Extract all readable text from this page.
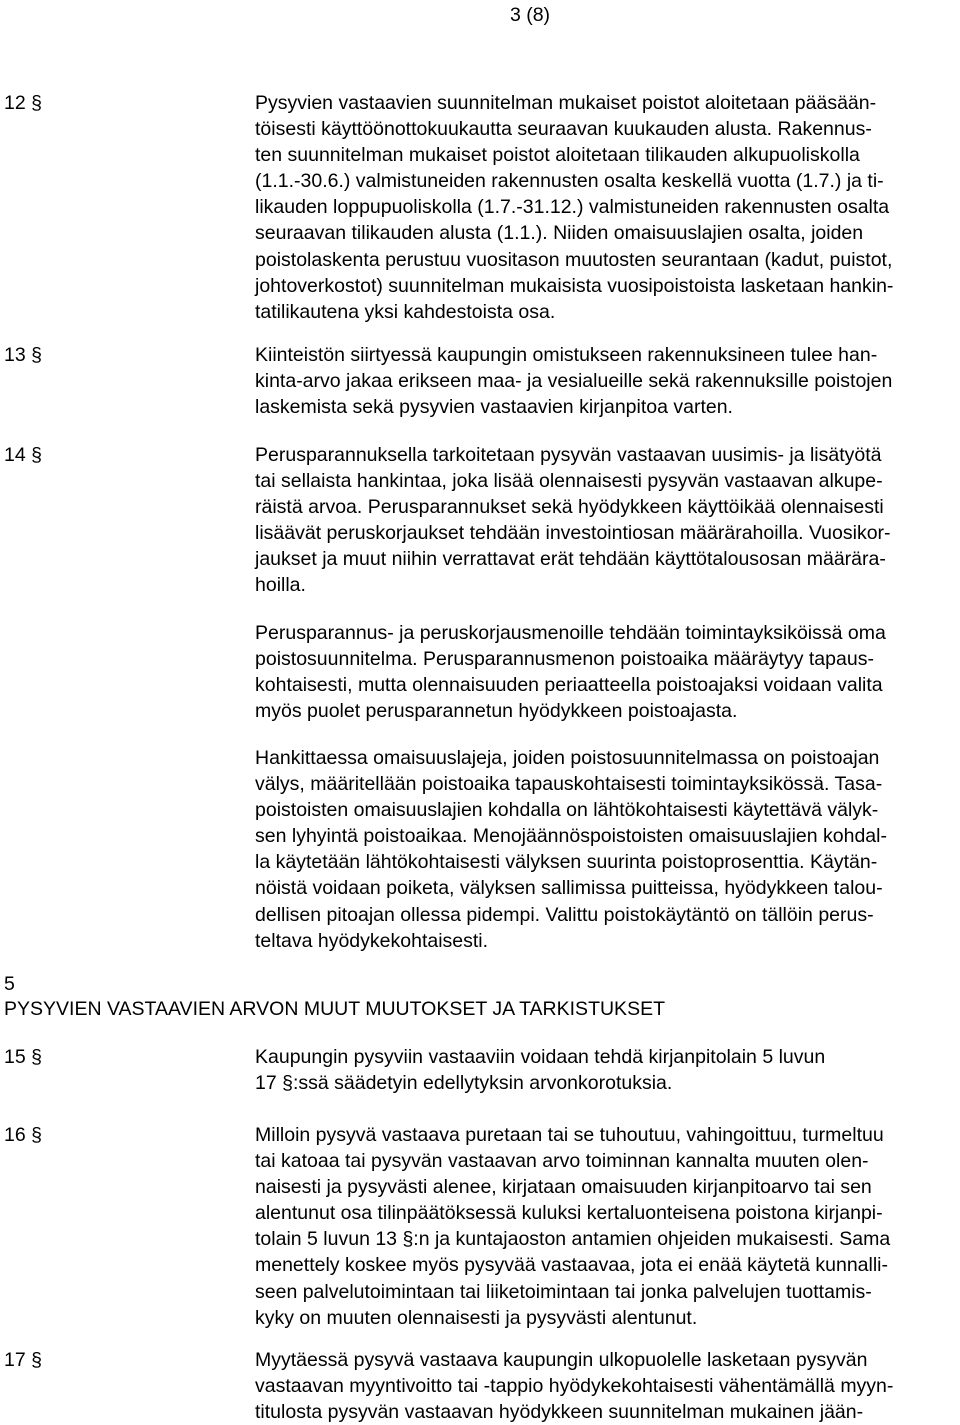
3 (8)
12 §	Pysyvien vastaavien suunnitelman mukaiset poistot aloitetaan pääsään-
töisesti käyttöönottokuukautta seuraavan kuukauden alusta. Rakennus-
ten suunnitelman mukaiset poistot aloitetaan tilikauden alkupuoliskolla
(1.1.-30.6.) valmistuneiden rakennusten osalta keskellä vuotta (1.7.) ja ti-
likauden loppupuoliskolla (1.7.-31.12.) valmistuneiden rakennusten osalta
seuraavan tilikauden alusta (1.1.). Niiden omaisuuslajien osalta, joiden
poistolaskenta perustuu vuositason muutosten seurantaan (kadut, puistot,
johtoverkostot) suunnitelman mukaisista vuosipoistoista lasketaan hankin-
tatilikautena yksi kahdestoista osa.

13 §	Kiinteistön siirtyessä kaupungin omistukseen rakennuksineen tulee han-
kinta-arvo jakaa erikseen maa- ja vesialueille sekä rakennuksille poistojen
laskemista sekä pysyvien vastaavien kirjanpitoa varten.

14 §	Perusparannuksella tarkoitetaan pysyvän vastaavan uusimis- ja lisätyötä
tai sellaista hankintaa, joka lisää olennaisesti pysyvän vastaavan alkupe-
räistä arvoa. Perusparannukset sekä hyödykkeen käyttöikää olennaisesti
lisäävät peruskorjaukset tehdään investointiosan määrärahoilla. Vuosikor-
jaukset ja muut niihin verrattavat erät tehdään käyttötalousosan määrära-
hoilla.

Perusparannus- ja peruskorjausmenoille tehdään toimintayksiköissä oma
poistosuunnitelma. Perusparannusmenon poistoaika määräytyy tapaus-
kohtaisesti, mutta olennaisuuden periaatteella poistoajaksi voidaan valita
myös puolet perusparannetun hyödykkeen poistoajasta.

Hankittaessa omaisuuslajeja, joiden poistosuunnitelmassa on poistoajan
välys, määritellään poistoaika tapauskohtaisesti toimintayksikössä. Tasa-
poistoisten omaisuuslajien kohdalla on lähtökohtaisesti käytettävä välyk-
sen lyhyintä poistoaikaa. Menojäännöspoistoisten omaisuuslajien kohdal-
la käytetään lähtökohtaisesti välyksen suurinta poistoprosenttia. Käytän-
nöistä voidaan poiketa, välyksen sallimissa puitteissa, hyödykkeen talou-
dellisen pitoajan ollessa pidempi. Valittu poistokäytäntö on tällöin perus-
teltava hyödykekohtaisesti.

5
PYSYVIEN VASTAAVIEN ARVON MUUT MUUTOKSET JA TARKISTUKSET
15 §	Kaupungin pysyviin vastaaviin voidaan tehdä kirjanpitolain 5 luvun
17 §:ssä säädetyin edellytyksin arvonkorotuksia.

16 §	Milloin pysyvä vastaava puretaan tai se tuhoutuu, vahingoittuu, turmeltuu
tai katoaa tai pysyvän vastaavan arvo toiminnan kannalta muuten olen-
naisesti ja pysyvästi alenee, kirjataan omaisuuden kirjanpitoarvo tai sen
alentunut osa tilinpäätöksessä kuluksi kertaluonteisena poistona kirjanpi-
tolain 5 luvun 13 §:n ja kuntajaoston antamien ohjeiden mukaisesti. Sama
menettely koskee myös pysyvää vastaavaa, jota ei enää käytetä kunnalli-
seen palvelutoimintaan tai liiketoimintaan tai jonka palvelujen tuottamis-
kyky on muuten olennaisesti ja pysyvästi alentunut.

17 §	Myytäessä pysyvä vastaava kaupungin ulkopuolelle lasketaan pysyvän
vastaavan myyntivoitto tai -tappio hyödykekohtaisesti vähentämällä myyn-
titulosta pysyvän vastaavan hyödykkeen suunnitelman mukainen jään-
